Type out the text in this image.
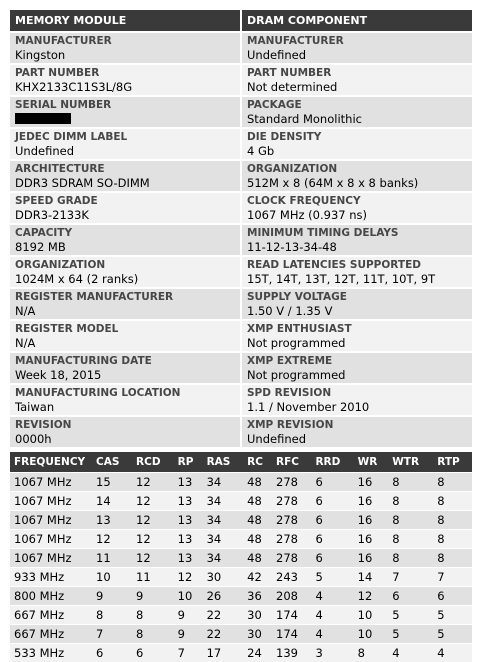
MEMORY MODULE
MANUFACTURER
Kingston
PART NUMBER
KHX2133C11S3L/8G
SERIAL NUMBER
JEDEC DIMM LABEL
Undefined
ARCHITECTURE
DDR3 SDRAM SO-DIMM
SPEED GRADE
DDR3-2133K
CAPACITY
8192 MB
ORGANIZATION
1024M x 64 (2 ranks)
REGISTER MANUFACTURER
N/A
REGISTER MODEL
N/A
MANUFACTURING DATE
Week 18, 2015
MANUFACTURING LOCATION
Taiwan
REVISION
0000h
DRAM COMPONENT
MANUFACTURER
Undefined
PART NUMBER
Not determined
PACKAGE
Standard Monolithic
DIE DENSITY
4 Gb
ORGANIZATION
512M x 8 (64M x 8 x 8 banks)
CLOCK FREQUENCY
1067 MHz (0.937 ns)
MINIMUM TIMING DELAYS
11-12-13-34-48
READ LATENCIES SUPPORTED
15T, 14T, 13T, 12T, 11T, 10T, 9T
SUPPLY VOLTAGE
1.50 V / 1.35 V
XMP ENTHUSIAST
Not programmed
XMP EXTREME
Not programmed
SPD REVISION
1.1 / November 2010
XMP REVISION
Undefined
FREQUENCY	CAS	RCD	RP	RAS	RC	RFC	RRD	WR	WTR	RTP
1067 MHz	15	12	13	34	48	278	6	16	8	8
1067 MHz	14	12	13	34	48	278	6	16	8	8
1067 MHz	13	12	13	34	48	278	6	16	8	8
1067 MHz	12	12	13	34	48	278	6	16	8	8
1067 MHz	11	12	13	34	48	278	6	16	8	8
933 MHz	10	11	12	30	42	243	5	14	7	7
800 MHz	9	9	10	26	36	208	4	12	6	6
667 MHz	8	8	9	22	30	174	4	10	5	5
667 MHz	7	8	9	22	30	174	4	10	5	5
533 MHz	6	6	7	17	24	139	3	8	4	4
